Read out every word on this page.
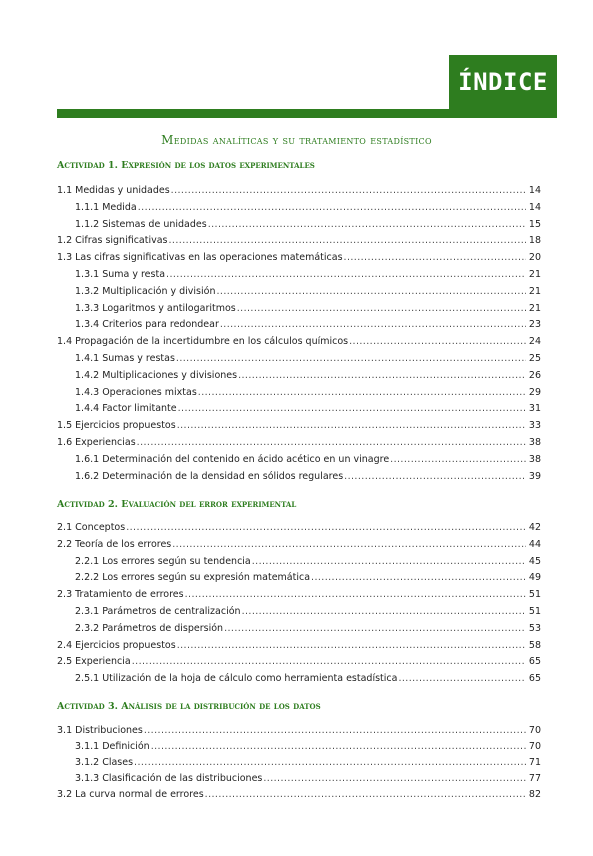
ÍNDICE
Medidas analíticas y su tratamiento estadístico
Actividad 1. Expresión de los datos experimentales
1.1 Medidas y unidades .....	14
1.1.1 Medida .....	14
1.1.2 Sistemas de unidades .....	15
1.2 Cifras significativas .....	18
1.3 Las cifras significativas en las operaciones matemáticas .....	20
1.3.1 Suma y resta .....	21
1.3.2 Multiplicación y división .....	21
1.3.3 Logaritmos y antilogaritmos .....	21
1.3.4 Criterios para redondear .....	23
1.4 Propagación de la incertidumbre en los cálculos químicos .....	24
1.4.1 Sumas y restas .....	25
1.4.2 Multiplicaciones y divisiones .....	26
1.4.3 Operaciones mixtas .....	29
1.4.4 Factor limitante .....	31
1.5 Ejercicios propuestos .....	33
1.6 Experiencias .....	38
1.6.1 Determinación del contenido en ácido acético en un vinagre .....	38
1.6.2 Determinación de la densidad en sólidos regulares .....	39
Actividad 2. Evaluación del error experimental
2.1 Conceptos .....	42
2.2 Teoría de los errores .....	44
2.2.1 Los errores según su tendencia .....	45
2.2.2 Los errores según su expresión matemática .....	49
2.3 Tratamiento de errores .....	51
2.3.1 Parámetros de centralización .....	51
2.3.2 Parámetros de dispersión .....	53
2.4 Ejercicios propuestos .....	58
2.5 Experiencia .....	65
2.5.1 Utilización de la hoja de cálculo como herramienta estadística .....	65
Actividad 3. Análisis de la distribución de los datos
3.1 Distribuciones .....	70
3.1.1 Definición .....	70
3.1.2 Clases .....	71
3.1.3 Clasificación de las distribuciones .....	77
3.2 La curva normal de errores .....	82
